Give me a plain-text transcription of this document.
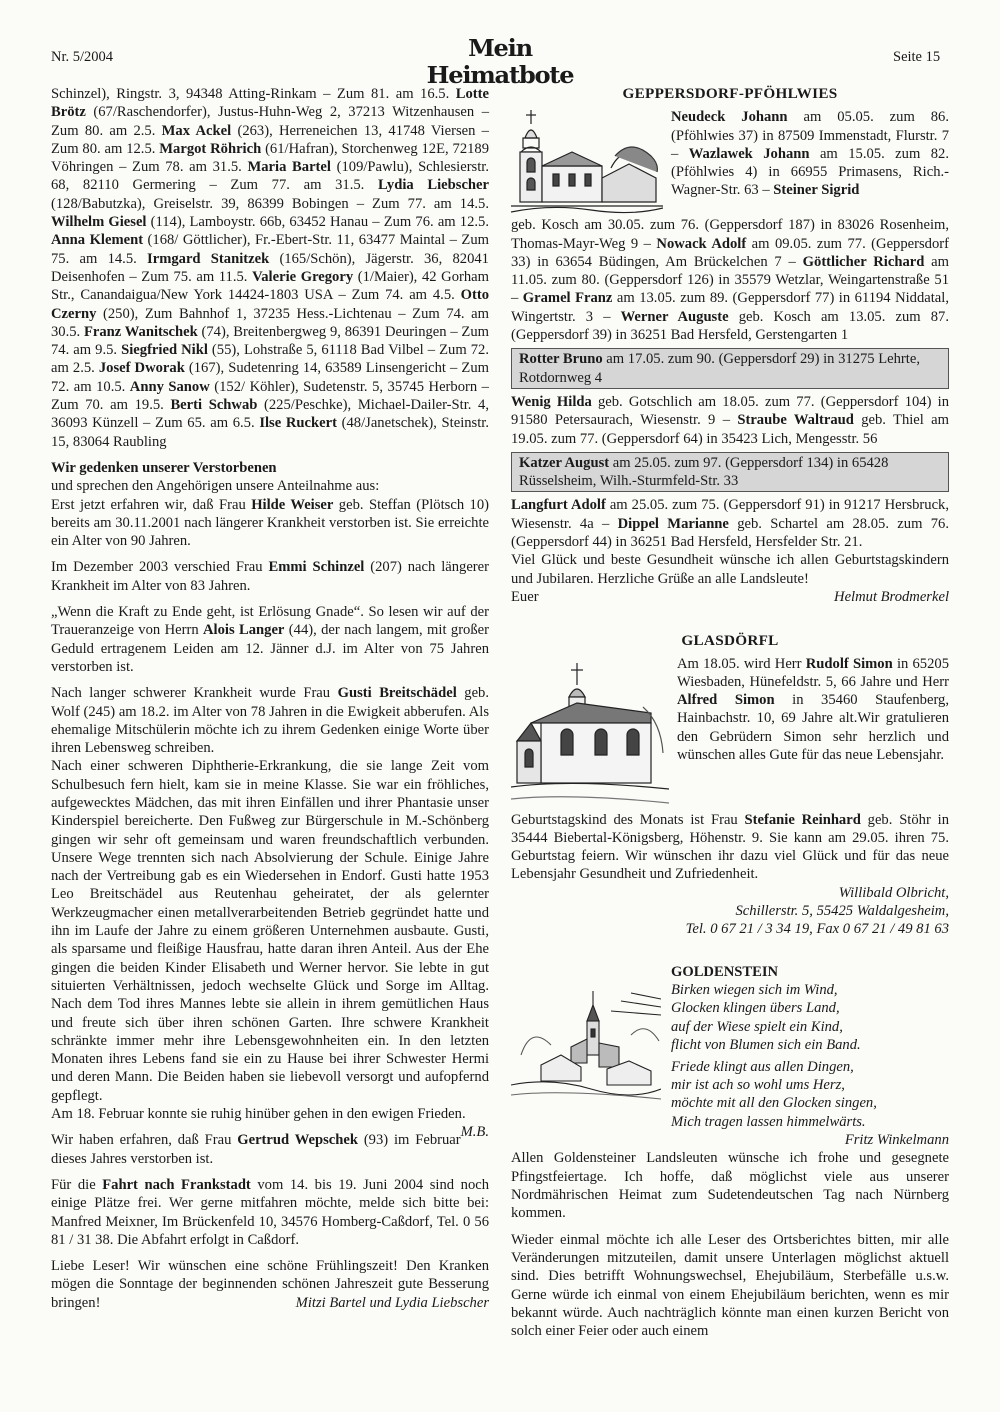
Nr. 5/2004	Mein Heimatbote
Seite 15

Schinzel), Ringstr. 3, 94348 Atting-Rinkam – Zum 81. am 16.5. Lotte Brötz (67/Raschendorfer), Justus-Huhn-Weg 2, 37213 Witzenhausen – Zum 80. am 2.5. Max Ackel (263), Herreneichen 13, 41748 Viersen – Zum 80. am 12.5. Margot Röhrich (61/Hafran), Storchenweg 12E, 72189 Vöhringen – Zum 78. am 31.5. Maria Bartel (109/Pawlu), Schlesierstr. 68, 82110 Germering – Zum 77. am 31.5. Lydia Liebscher (128/Babutzka), Greiselstr. 39, 86399 Bobingen – Zum 77. am 14.5. Wilhelm Giesel (114), Lamboystr. 66b, 63452 Hanau – Zum 76. am 12.5. Anna Klement (168/ Göttlicher), Fr.-Ebert-Str. 11, 63477 Maintal – Zum 75. am 14.5. Irmgard Stanitzek (165/Schön), Jägerstr. 36, 82041 Deisenhofen – Zum 75. am 11.5. Valerie Gregory (1/Maier), 42 Gorham Str., Canandaigua/New York 14424-1803 USA – Zum 74. am 4.5. Otto Czerny (250), Zum Bahnhof 1, 37235 Hess.-Lichtenau – Zum 74. am 30.5. Franz Wanitschek (74), Breitenbergweg 9, 86391 Deuringen – Zum 74. am 9.5. Siegfried Nikl (55), Lohstraße 5, 61118 Bad Vilbel – Zum 72. am 2.5. Josef Dworak (167), Sudetenring 14, 63589 Linsengericht – Zum 72. am 10.5. Anny Sanow (152/ Köhler), Sudetenstr. 5, 35745 Herborn – Zum 70. am 19.5. Berti Schwab (225/Peschke), Michael-Dailer-Str. 4, 36093 Künzell – Zum 65. am 6.5. Ilse Ruckert (48/Janetschek), Steinstr. 15, 83064 Raubling

Wir gedenken unserer Verstorbenen

und sprechen den Angehörigen unsere Anteilnahme aus:

Erst jetzt erfahren wir, daß Frau Hilde Weiser geb. Steffan (Plötsch 10) bereits am 30.11.2001 nach längerer Krankheit verstorben ist. Sie erreichte ein Alter von 90 Jahren.

Im Dezember 2003 verschied Frau Emmi Schinzel (207) nach längerer Krankheit im Alter von 83 Jahren.

„Wenn die Kraft zu Ende geht, ist Erlösung Gnade“. So lesen wir auf der Traueranzeige von Herrn Alois Langer (44), der nach langem, mit großer Geduld ertragenem Leiden am 12. Jänner d.J. im Alter von 75 Jahren verstorben ist.

Nach langer schwerer Krankheit wurde Frau Gusti Breitschädel geb. Wolf (245) am 18.2. im Alter von 78 Jahren in die Ewigkeit abberufen. Als ehemalige Mitschülerin möchte ich zu ihrem Gedenken einige Worte über ihren Lebensweg schreiben.

Nach einer schweren Diphtherie-Erkrankung, die sie lange Zeit vom Schulbesuch fern hielt, kam sie in meine Klasse. Sie war ein fröhliches, aufgewecktes Mädchen, das mit ihren Einfällen und ihrer Phantasie unser Kinderspiel bereicherte. Den Fußweg zur Bürgerschule in M.-Schönberg gingen wir sehr oft gemeinsam und waren freundschaftlich verbunden. Unsere Wege trennten sich nach Absolvierung der Schule. Einige Jahre nach der Vertreibung gab es ein Wiedersehen in Endorf. Gusti hatte 1953 Leo Breitschädel aus Reutenhau geheiratet, der als gelernter Werkzeugmacher einen metallverarbeitenden Betrieb gegründet hatte und ihn im Laufe der Jahre zu einem größeren Unternehmen ausbaute. Gusti, als sparsame und fleißige Hausfrau, hatte daran ihren Anteil. Aus der Ehe gingen die beiden Kinder Elisabeth und Werner hervor. Sie lebte in gut situierten Verhältnissen, jedoch wechselte Glück und Sorge im Alltag. Nach dem Tod ihres Mannes lebte sie allein in ihrem gemütlichen Haus und freute sich über ihren schönen Garten. Ihre schwere Krankheit schränkte immer mehr ihre Lebensgewohnheiten ein. In den letzten Monaten ihres Lebens fand sie ein zu Hause bei ihrer Schwester Hermi und deren Mann. Die Beiden haben sie liebevoll versorgt und aufopfernd gepflegt.

Am 18. Februar konnte sie ruhig hinüber gehen in den ewigen Frieden.
M.B.

Wir haben erfahren, daß Frau Gertrud Wepschek (93) im Februar dieses Jahres verstorben ist.

Für die Fahrt nach Frankstadt vom 14. bis 19. Juni 2004 sind noch einige Plätze frei. Wer gerne mitfahren möchte, melde sich bitte bei: Manfred Meixner, Im Brückenfeld 10, 34576 Homberg-Caßdorf, Tel. 0 56 81 / 31 38. Die Abfahrt erfolgt in Caßdorf.

Liebe Leser! Wir wünschen eine schöne Frühlingszeit! Den Kranken mögen die Sonntage der beginnenden schönen Jahreszeit gute Besserung bringen!	Mitzi Bartel und Lydia Liebscher

GEPPERSDORF-PFÖHLWIES

Neudeck Johann am 05.05. zum 86. (Pföhlwies 37) in 87509 Immenstadt, Flurstr. 7 – Wazlawek Johann am 15.05. zum 82. (Pföhlwies 4) in 66955 Primasens, Rich.-Wagner-Str. 63 – Steiner Sigrid

geb. Kosch am 30.05. zum 76. (Geppersdorf 187) in 83026 Rosenheim, Thomas-Mayr-Weg 9 – Nowack Adolf am 09.05. zum 77. (Geppersdorf 33) in 63654 Büdingen, Am Brückelchen 7 – Göttlicher Richard am 11.05. zum 80. (Geppersdorf 126) in 35579 Wetzlar, Weingartenstraße 51 – Gramel Franz am 13.05. zum 89. (Geppersdorf 77) in 61194 Niddatal, Wingertstr. 3 – Werner Auguste geb. Kosch am 13.05. zum 87. (Geppersdorf 39) in 36251 Bad Hersfeld, Gerstengarten 1

Rotter Bruno am 17.05. zum 90. (Geppersdorf 29) in 31275 Lehrte, Rotdornweg 4

Wenig Hilda geb. Gotschlich am 18.05. zum 77. (Geppersdorf 104) in 91580 Petersaurach, Wiesenstr. 9 – Straube Waltraud geb. Thiel am 19.05. zum 77. (Geppersdorf 64) in 35423 Lich, Mengesstr. 56

Katzer August am 25.05. zum 97. (Geppersdorf 134) in 65428 Rüsselsheim, Wilh.-Sturmfeld-Str. 33

Langfurt Adolf am 25.05. zum 75. (Geppersdorf 91) in 91217 Hersbruck, Wiesenstr. 4a – Dippel Marianne geb. Schartel am 28.05. zum 76. (Geppersdorf 44) in 36251 Bad Hersfeld, Hersfelder Str. 21.

Viel Glück und beste Gesundheit wünsche ich allen Geburtstagskindern und Jubilaren. Herzliche Grüße an alle Landsleute!

Euer	Helmut Brodmerkel
GLASDÖRFL

Am 18.05. wird Herr Rudolf Simon in 65205 Wiesbaden, Hünefeldstr. 5, 66 Jahre und Herr Alfred Simon in 35460 Staufenberg, Hainbachstr. 10, 69 Jahre alt.Wir gratulieren den Gebrüdern Simon sehr herzlich und wünschen alles Gute für das neue Lebensjahr.

Geburtstagskind des Monats ist Frau Stefanie Reinhard geb. Stöhr in 35444 Biebertal-Königsberg, Höhenstr. 9. Sie kann am 29.05. ihren 75. Geburtstag feiern. Wir wünschen ihr dazu viel Glück und für das neue Lebensjahr Gesundheit und Zufriedenheit.

Willibald Olbricht,
Schillerstr. 5, 55425 Waldalgesheim,
Tel. 0 67 21 / 3 34 19, Fax 0 67 21 / 49 81 63
GOLDENSTEIN
Birken wiegen sich im Wind,
Glocken klingen übers Land,
auf der Wiese spielt ein Kind,
flicht von Blumen sich ein Band.
Friede klingt aus allen Dingen,
mir ist ach so wohl ums Herz,
möchte mit all den Glocken singen,
Mich tragen lassen himmelwärts.
Fritz Winkelmann

Allen Goldensteiner Landsleuten wünsche ich frohe und gesegnete Pfingstfeiertage. Ich hoffe, daß möglichst viele aus unserer Nordmährischen Heimat zum Sudetendeutschen Tag nach Nürnberg kommen.

Wieder einmal möchte ich alle Leser des Ortsberichtes bitten, mir alle Veränderungen mitzuteilen, damit unsere Unterlagen möglichst aktuell sind. Dies betrifft Wohnungswechsel, Ehejubiläum, Sterbefälle u.s.w. Gerne würde ich einmal von einem Ehejubiläum berichten, wenn es mir bekannt würde. Auch nachträglich könnte man einen kurzen Bericht von solch einer Feier oder auch einem
